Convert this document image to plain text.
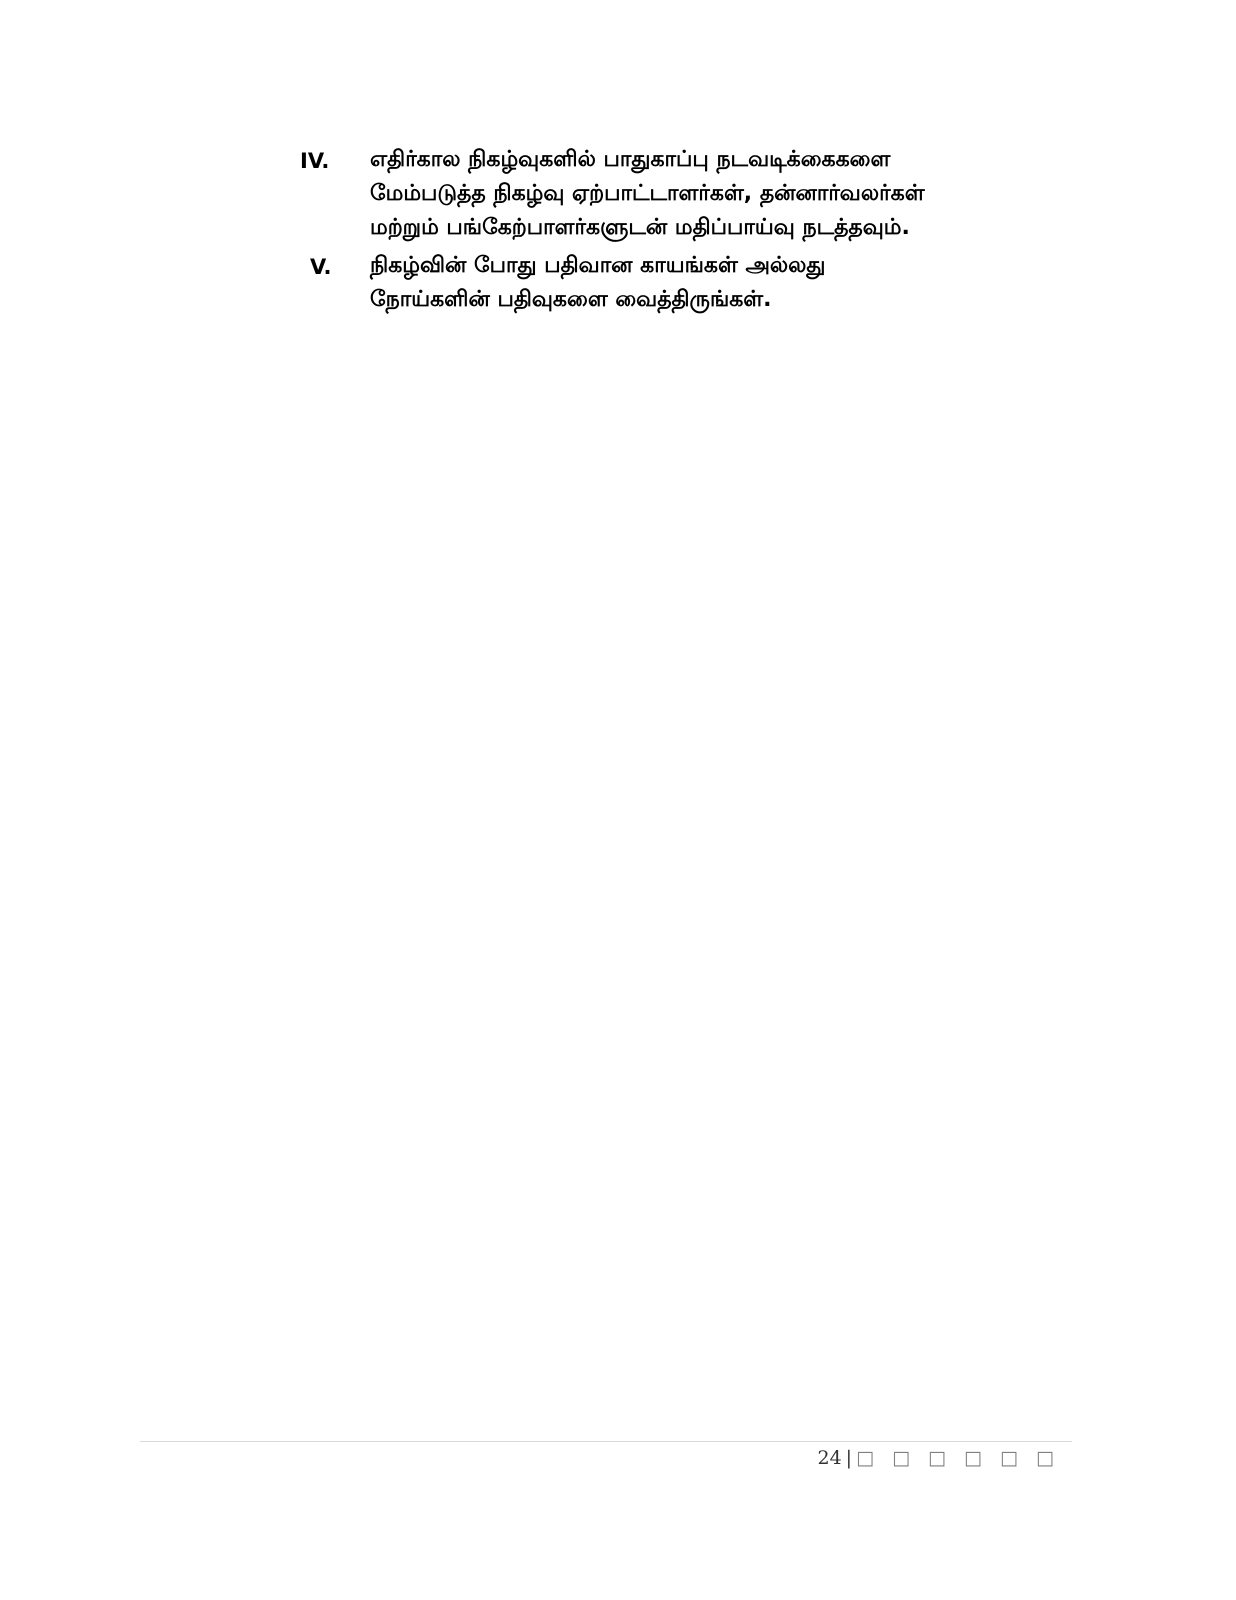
IV.	எதிர்கால நிகழ்வுகளில் பாதுகாப்பு நடவடிக்கைகளை
மேம்படுத்த நிகழ்வு ஏற்பாட்டாளர்கள், தன்னார்வலர்கள்
மற்றும் பங்கேற்பாளர்களுடன் மதிப்பாய்வு நடத்தவும்.
V.	நிகழ்வின் போது பதிவான காயங்கள் அல்லது
நோய்களின் பதிவுகளை வைத்திருங்கள்.
24 | □ □ □ □ □ □
